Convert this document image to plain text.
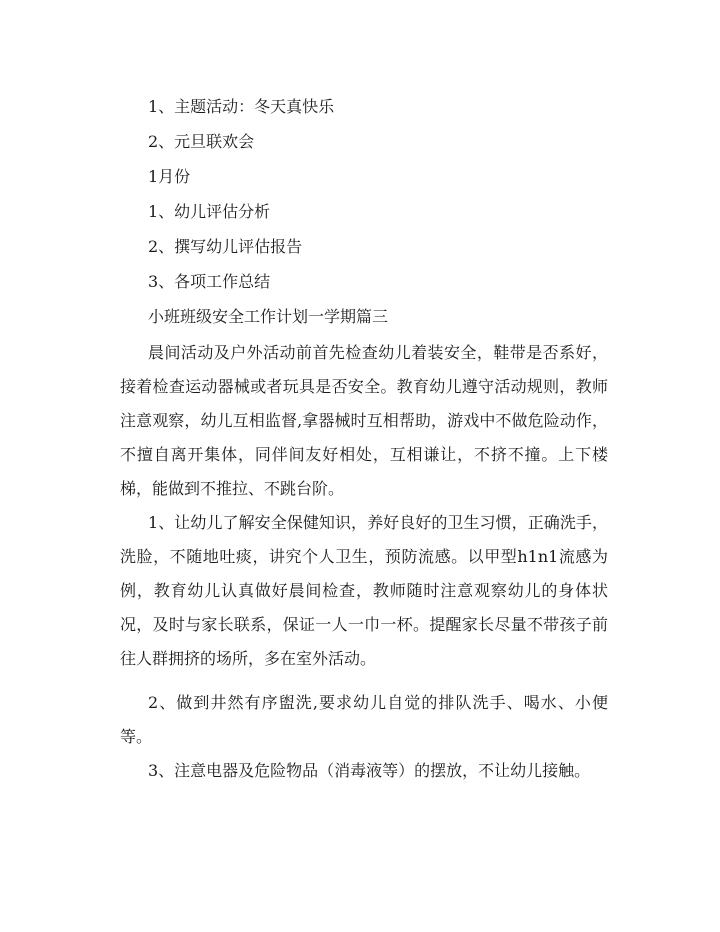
1、主题活动：冬天真快乐
2、元旦联欢会
1月份
1、幼儿评估分析
2、撰写幼儿评估报告
3、各项工作总结
小班班级安全工作计划一学期篇三
晨间活动及户外活动前首先检查幼儿着装安全，鞋带是否系好，接着检查运动器械或者玩具是否安全。教育幼儿遵守活动规则，教师注意观察，幼儿互相监督,拿器械时互相帮助，游戏中不做危险动作，不擅自离开集体，同伴间友好相处，互相谦让，不挤不撞。上下楼梯，能做到不推拉、不跳台阶。
1、让幼儿了解安全保健知识，养好良好的卫生习惯，正确洗手，洗脸，不随地吐痰，讲究个人卫生，预防流感。以甲型h1n1流感为例，教育幼儿认真做好晨间检查，教师随时注意观察幼儿的身体状况，及时与家长联系，保证一人一巾一杯。提醒家长尽量不带孩子前往人群拥挤的场所，多在室外活动。
2、做到井然有序盥洗,要求幼儿自觉的排队洗手、喝水、小便等。
3、注意电器及危险物品（消毒液等）的摆放，不让幼儿接触。
